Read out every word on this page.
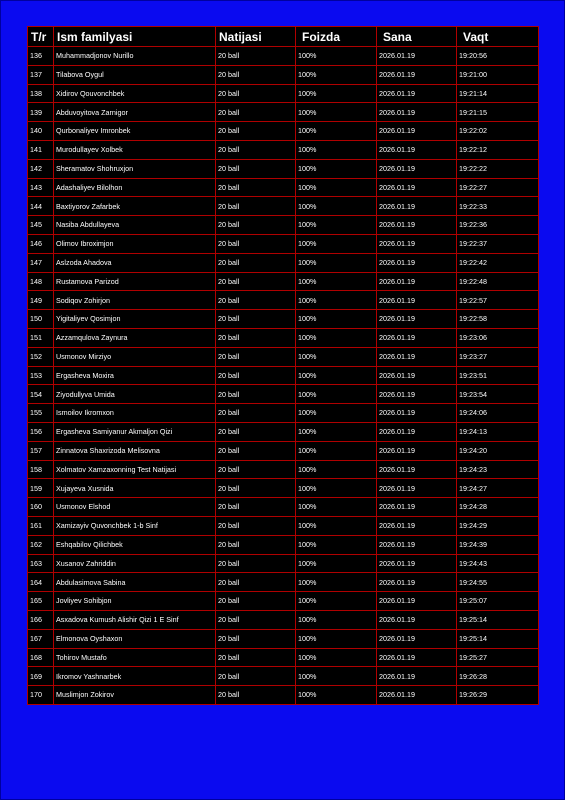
T/r	Ism familyasi	Natijasi	Foizda	Sana	Vaqt
136	Muhammadjonov Nurillo	20 ball	100%	2026.01.19	19:20:56
137	Tilabova Oygul	20 ball	100%	2026.01.19	19:21:00
138	Xidirov Qouvonchbek	20 ball	100%	2026.01.19	19:21:14
139	Abduvoyitova Zarnigor	20 ball	100%	2026.01.19	19:21:15
140	Qurbonaliyev Imronbek	20 ball	100%	2026.01.19	19:22:02
141	Murodullayev Xolbek	20 ball	100%	2026.01.19	19:22:12
142	Sheramatov Shohruxjon	20 ball	100%	2026.01.19	19:22:22
143	Adashaliyev Bilolhon	20 ball	100%	2026.01.19	19:22:27
144	Baxtiyorov Zafarbek	20 ball	100%	2026.01.19	19:22:33
145	Nasiba Abdullayeva	20 ball	100%	2026.01.19	19:22:36
146	Olimov Ibroximjon	20 ball	100%	2026.01.19	19:22:37
147	Aslzoda Ahadova	20 ball	100%	2026.01.19	19:22:42
148	Rustamova Parizod	20 ball	100%	2026.01.19	19:22:48
149	Sodiqov Zohirjon	20 ball	100%	2026.01.19	19:22:57
150	Yigitaliyev Qosimjon	20 ball	100%	2026.01.19	19:22:58
151	Azzamqulova Zaynura	20 ball	100%	2026.01.19	19:23:06
152	Usmonov Mirziyo	20 ball	100%	2026.01.19	19:23:27
153	Ergasheva Moxira	20 ball	100%	2026.01.19	19:23:51
154	Ziyodullyva Umida	20 ball	100%	2026.01.19	19:23:54
155	Ismoilov Ikromxon	20 ball	100%	2026.01.19	19:24:06
156	Ergasheva Samiyanur Akmaljon Qizi	20 ball	100%	2026.01.19	19:24:13
157	Zinnatova Shaxrizoda Melisovna	20 ball	100%	2026.01.19	19:24:20
158	Xolmatov Xamzaxonning Test Natijasi	20 ball	100%	2026.01.19	19:24:23
159	Xujayeva Xusnida	20 ball	100%	2026.01.19	19:24:27
160	Usmonov Elshod	20 ball	100%	2026.01.19	19:24:28
161	Xamizayiv Quvonchbek 1-b Sinf	20 ball	100%	2026.01.19	19:24:29
162	Eshqabilov Qilichbek	20 ball	100%	2026.01.19	19:24:39
163	Xusanov Zahriddin	20 ball	100%	2026.01.19	19:24:43
164	Abdulasimova Sabina	20 ball	100%	2026.01.19	19:24:55
165	Jovliyev Sohibjon	20 ball	100%	2026.01.19	19:25:07
166	Asxadova Kumush Alishir Qizi 1 E Sinf	20 ball	100%	2026.01.19	19:25:14
167	Elmonova Oyshaxon	20 ball	100%	2026.01.19	19:25:14
168	Tohirov Mustafo	20 ball	100%	2026.01.19	19:25:27
169	Ikromov Yashnarbek	20 ball	100%	2026.01.19	19:26:28
170	Muslimjon Zokirov	20 ball	100%	2026.01.19	19:26:29
